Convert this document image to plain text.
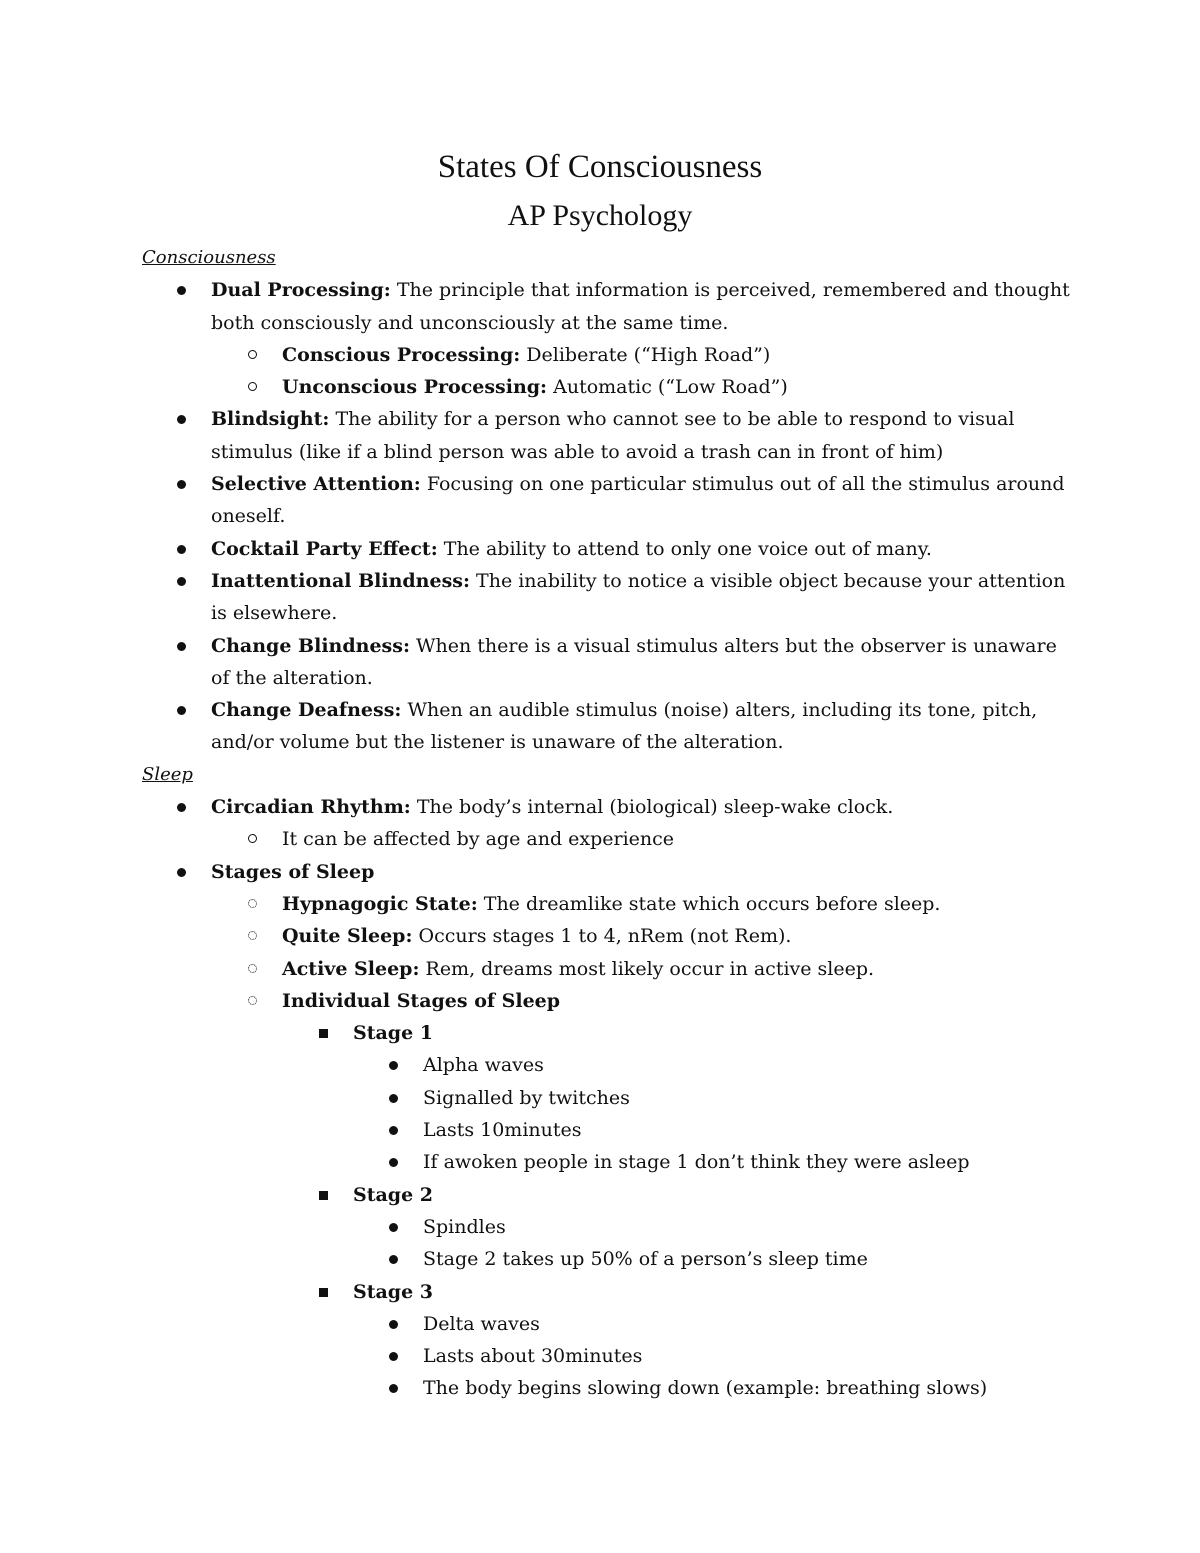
States Of Consciousness
AP Psychology
Consciousness
Dual Processing: The principle that information is perceived, remembered and thought both consciously and unconsciously at the same time.
Conscious Processing: Deliberate (“High Road”)
Unconscious Processing: Automatic (“Low Road”)
Blindsight: The ability for a person who cannot see to be able to respond to visual stimulus (like if a blind person was able to avoid a trash can in front of him)
Selective Attention: Focusing on one particular stimulus out of all the stimulus around oneself.
Cocktail Party Effect: The ability to attend to only one voice out of many.
Inattentional Blindness: The inability to notice a visible object because your attention is elsewhere.
Change Blindness: When there is a visual stimulus alters but the observer is unaware of the alteration.
Change Deafness: When an audible stimulus (noise) alters, including its tone, pitch, and/or volume but the listener is unaware of the alteration.
Sleep
Circadian Rhythm: The body’s internal (biological) sleep-wake clock.
It can be affected by age and experience
Stages of Sleep
Hypnagogic State: The dreamlike state which occurs before sleep.
Quite Sleep: Occurs stages 1 to 4, nRem (not Rem).
Active Sleep: Rem, dreams most likely occur in active sleep.
Individual Stages of Sleep
Stage 1
Alpha waves
Signalled by twitches
Lasts 10minutes
If awoken people in stage 1 don’t think they were asleep
Stage 2
Spindles
Stage 2 takes up 50% of a person’s sleep time
Stage 3
Delta waves
Lasts about 30minutes
The body begins slowing down (example: breathing slows)
